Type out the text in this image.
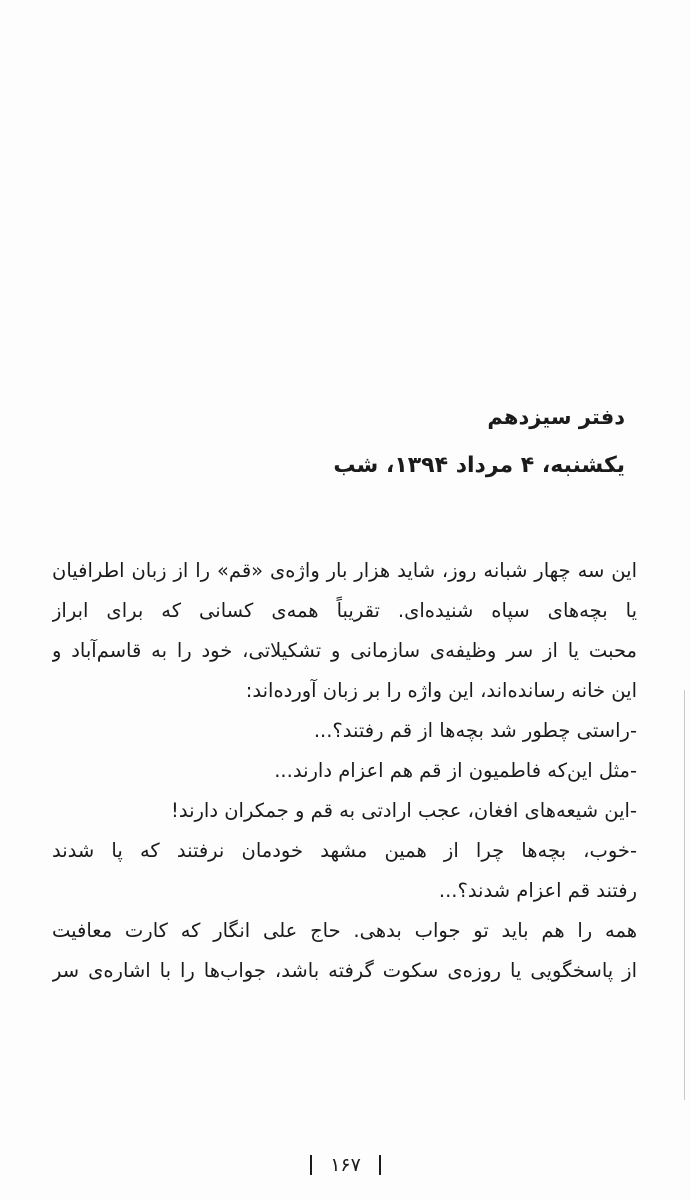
دفتر سیزدهم
یکشنبه، ۴ مرداد ۱۳۹۴، شب
این سه چهار شبانه روز، شاید هزار بار واژه‌ی «قم» را از زبان اطرافیان
یا بچه‌های سپاه شنیده‌ای. تقریباً همه‌ی کسانی که برای ابراز
محبت یا از سر وظیفه‌ی سازمانی و تشکیلاتی، خود را به قاسم‌آباد و
این خانه رسانده‌اند، این واژه را بر زبان آورده‌اند:
-راستی چطور شد بچه‌ها از قم رفتند؟...
-مثل این‌که فاطمیون از قم هم اعزام دارند...
-این شیعه‌های افغان، عجب ارادتی به قم و جمکران دارند!
-خوب، بچه‌ها چرا از همین مشهد خودمان نرفتند که پا شدند
رفتند قم اعزام شدند؟...
همه را هم باید تو جواب بدهی. حاج علی انگار که کارت معافیت
از پاسخگویی یا روزه‌ی سکوت گرفته باشد، جواب‌ها را با اشاره‌ی سر
۱۶۷
